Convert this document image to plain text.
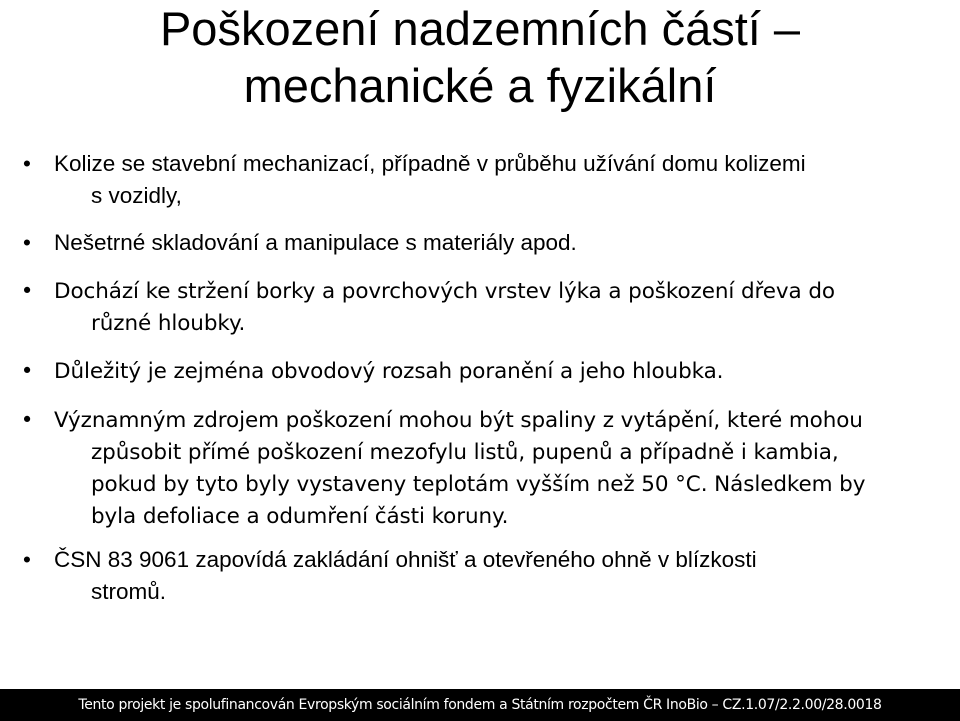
Poškození nadzemních částí –
mechanické a fyzikální
• Kolize se stavební mechanizací, případně v průběhu užívání domu kolizemi
s vozidly,
• Nešetrné skladování a manipulace s materiály apod.
• Dochází ke stržení borky a povrchových vrstev lýka a poškození dřeva do
různé hloubky.
• Důležitý je zejména obvodový rozsah poranění a jeho hloubka.
• Významným zdrojem poškození mohou být spaliny z vytápění, které mohou
způsobit přímé poškození mezofylu listů, pupenů a případně i kambia,
pokud by tyto byly vystaveny teplotám vyšším než 50 °C. Následkem by
byla defoliace a odumření části koruny.
• ČSN 83 9061 zapovídá zakládání ohnišť a otevřeného ohně v blízkosti
stromů.
Tento projekt je spolufinancován Evropským sociálním fondem a Státním rozpočtem ČR InoBio – CZ.1.07/2.2.00/28.0018
